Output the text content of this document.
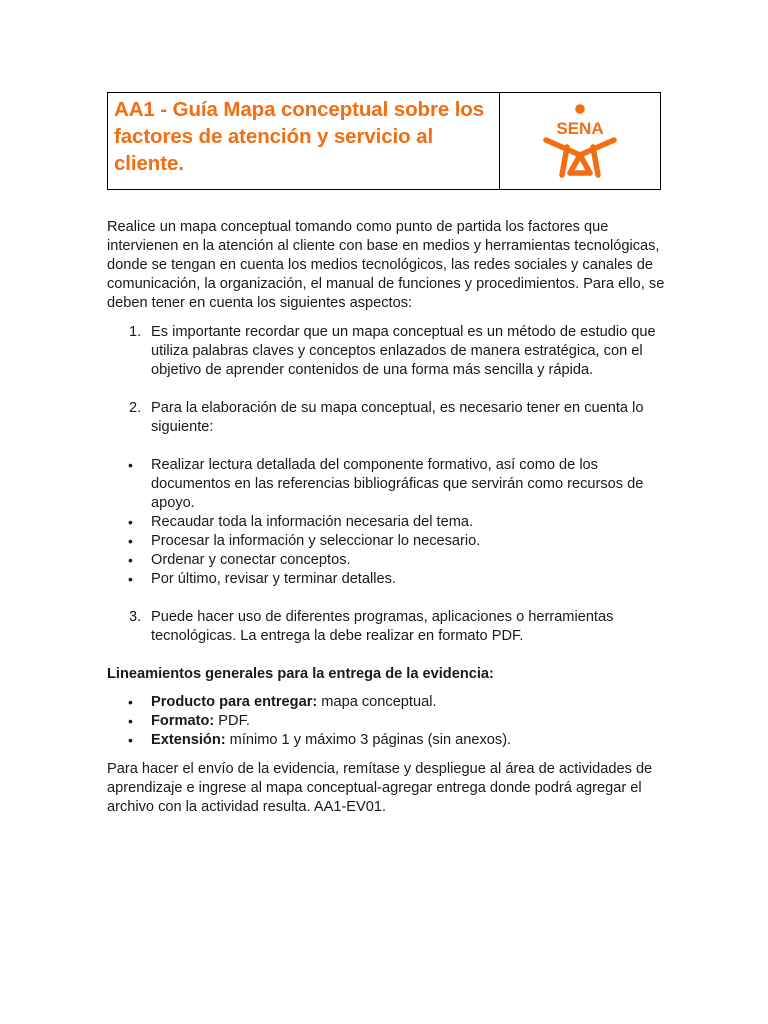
AA1 - Guía Mapa conceptual sobre los factores de atención y servicio al cliente.
SENA

Realice un mapa conceptual tomando como punto de partida los factores que intervienen en la atención al cliente con base en medios y herramientas tecnológicas, donde se tengan en cuenta los medios tecnológicos, las redes sociales y canales de comunicación, la organización, el manual de funciones y procedimientos. Para ello, se deben tener en cuenta los siguientes aspectos:

1. Es importante recordar que un mapa conceptual es un método de estudio que utiliza palabras claves y conceptos enlazados de manera estratégica, con el objetivo de aprender contenidos de una forma más sencilla y rápida.

2. Para la elaboración de su mapa conceptual, es necesario tener en cuenta lo siguiente:

• Realizar lectura detallada del componente formativo, así como de los documentos en las referencias bibliográficas que servirán como recursos de apoyo.

• Recaudar toda la información necesaria del tema.

• Procesar la información y seleccionar lo necesario.

• Ordenar y conectar conceptos.

• Por último, revisar y terminar detalles.

3. Puede hacer uso de diferentes programas, aplicaciones o herramientas tecnológicas. La entrega la debe realizar en formato PDF.

Lineamientos generales para la entrega de la evidencia:

• Producto para entregar: mapa conceptual.

• Formato: PDF.

• Extensión: mínimo 1 y máximo 3 páginas (sin anexos).

Para hacer el envío de la evidencia, remítase y despliegue al área de actividades de aprendizaje e ingrese al mapa conceptual-agregar entrega donde podrá agregar el archivo con la actividad resulta. AA1-EV01.
